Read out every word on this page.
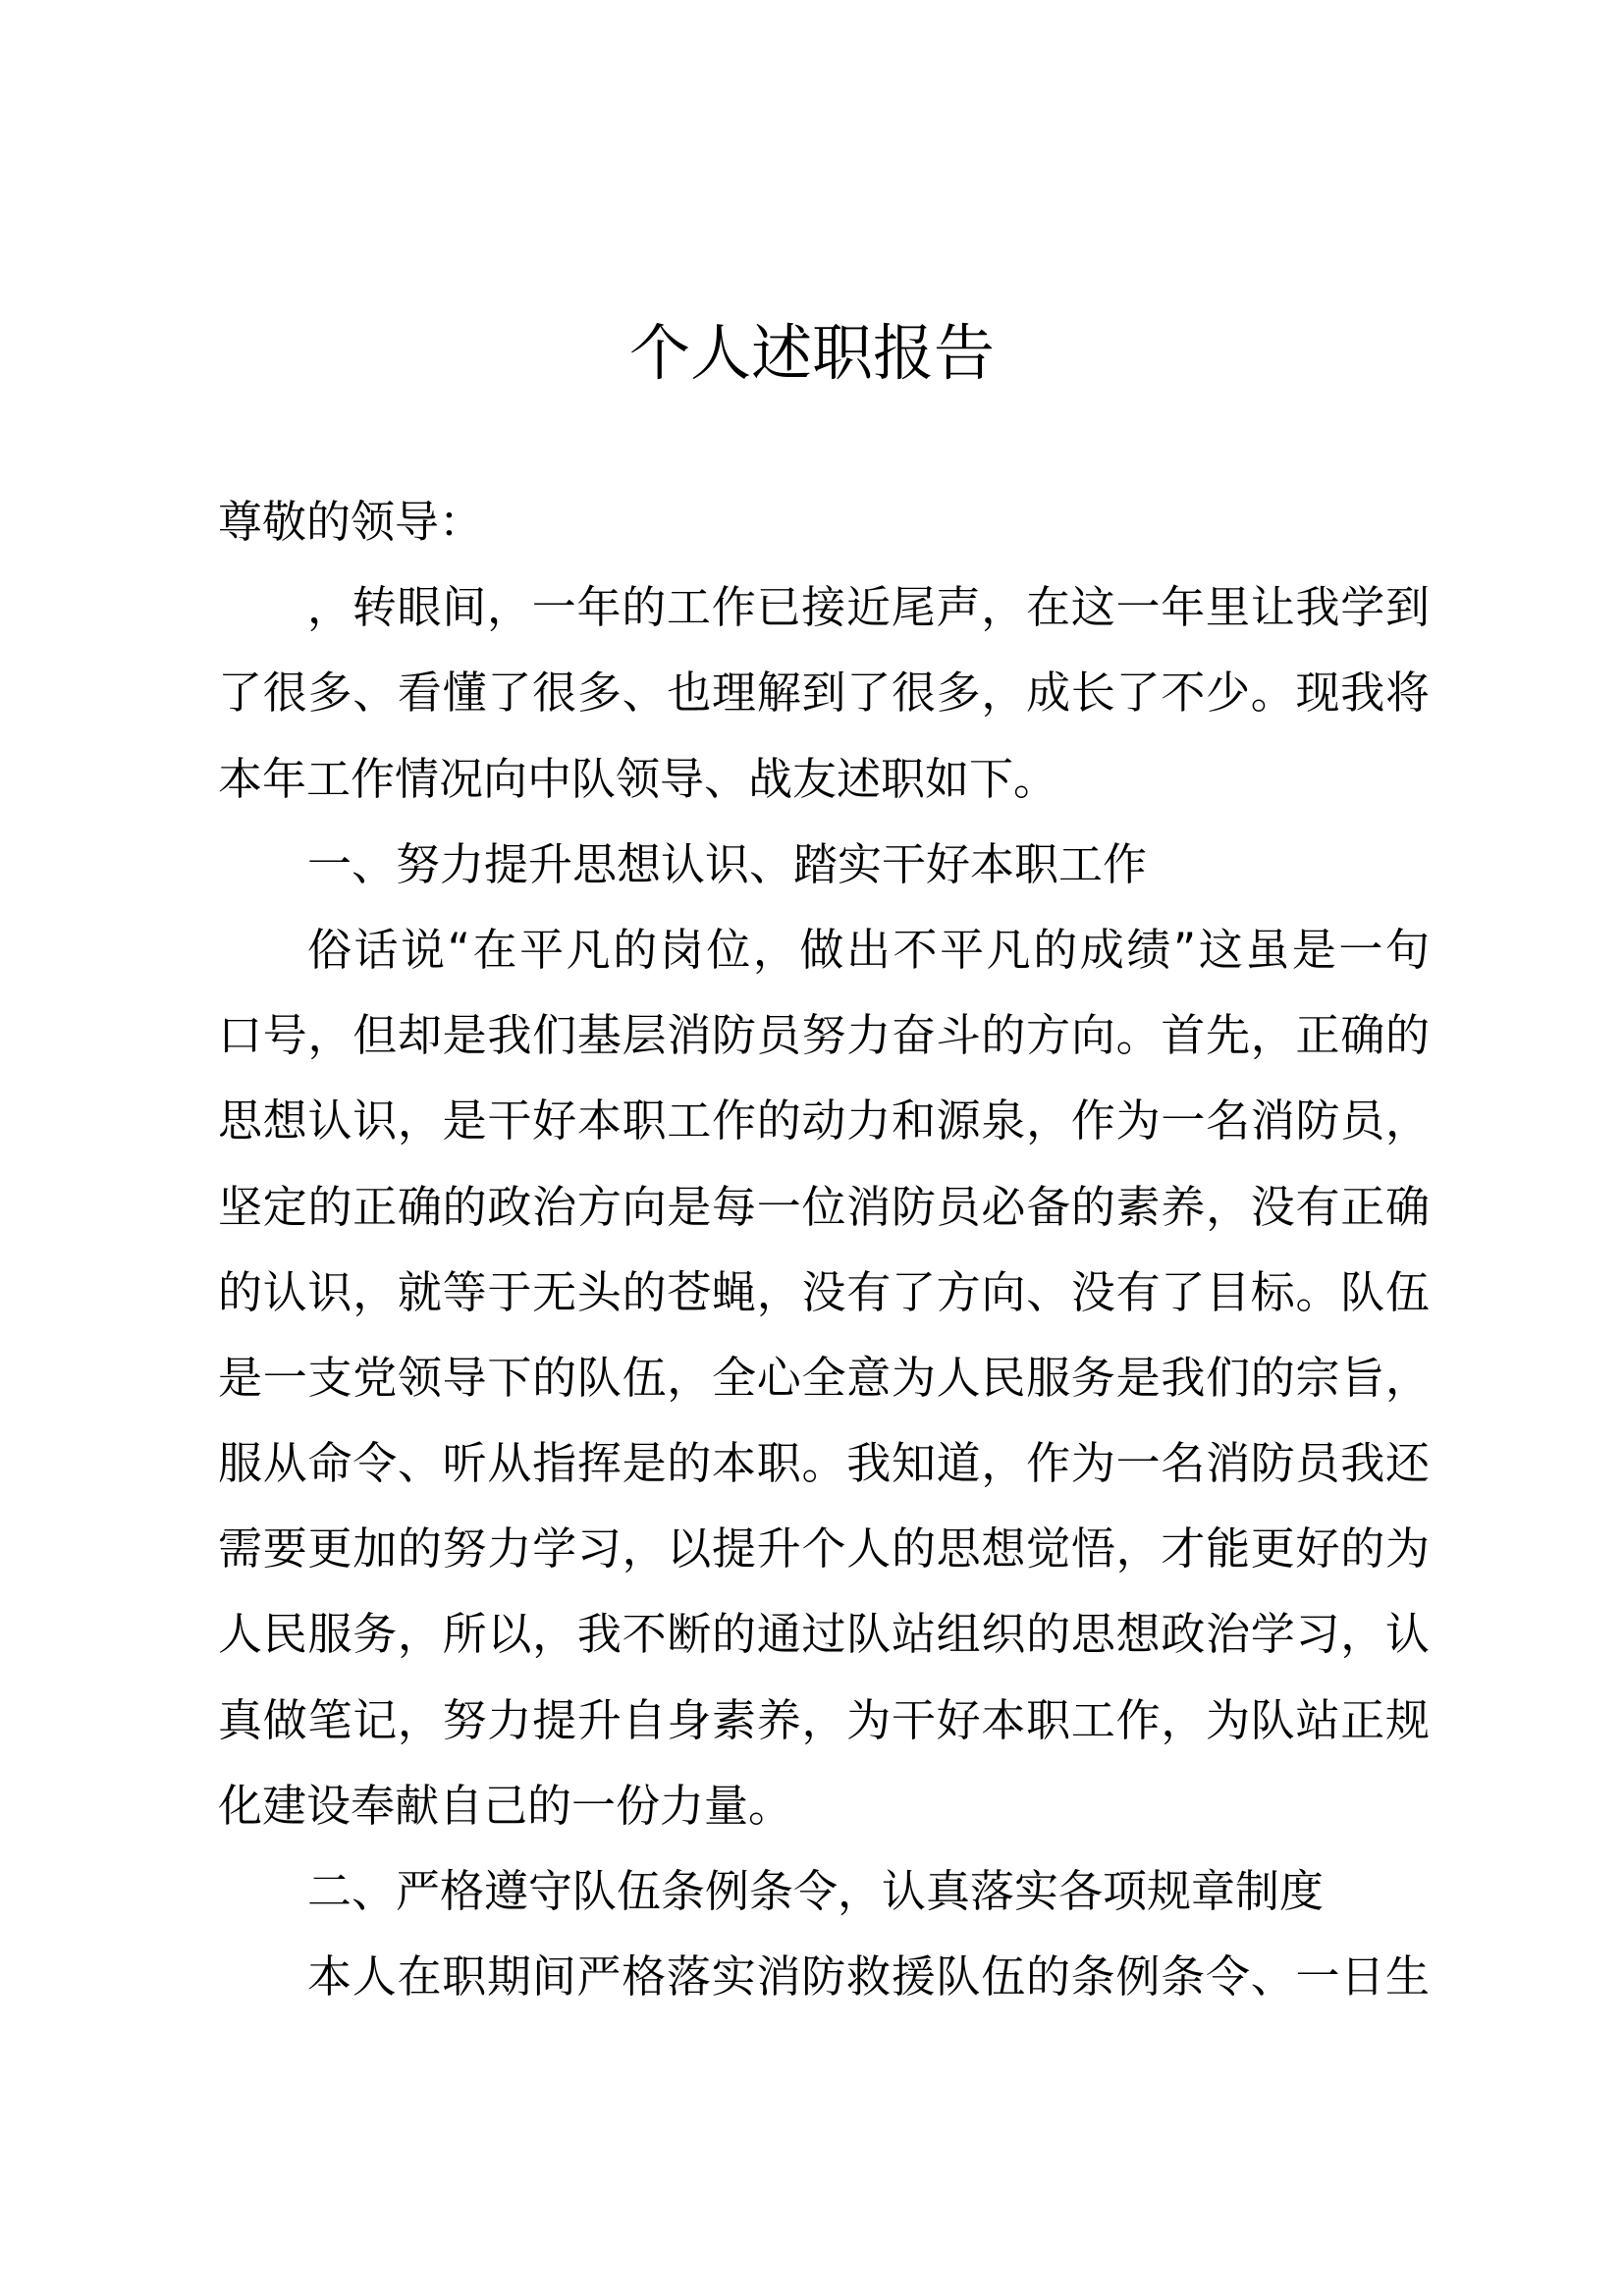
个人述职报告
尊敬的领导：
，转眼间，一年的工作已接近尾声，在这一年里让我学到
了很多、看懂了很多、也理解到了很多，成长了不少。现我将
本年工作情况向中队领导、战友述职如下。
一、努力提升思想认识、踏实干好本职工作
俗话说“在平凡的岗位，做出不平凡的成绩”这虽是一句
口号，但却是我们基层消防员努力奋斗的方向。首先，正确的
思想认识，是干好本职工作的动力和源泉，作为一名消防员，
坚定的正确的政治方向是每一位消防员必备的素养，没有正确
的认识，就等于无头的苍蝇，没有了方向、没有了目标。队伍
是一支党领导下的队伍，全心全意为人民服务是我们的宗旨，
服从命令、听从指挥是的本职。我知道，作为一名消防员我还
需要更加的努力学习，以提升个人的思想觉悟，才能更好的为
人民服务，所以，我不断的通过队站组织的思想政治学习，认
真做笔记，努力提升自身素养，为干好本职工作，为队站正规
化建设奉献自己的一份力量。
二、严格遵守队伍条例条令，认真落实各项规章制度
本人在职期间严格落实消防救援队伍的条例条令、一日生
